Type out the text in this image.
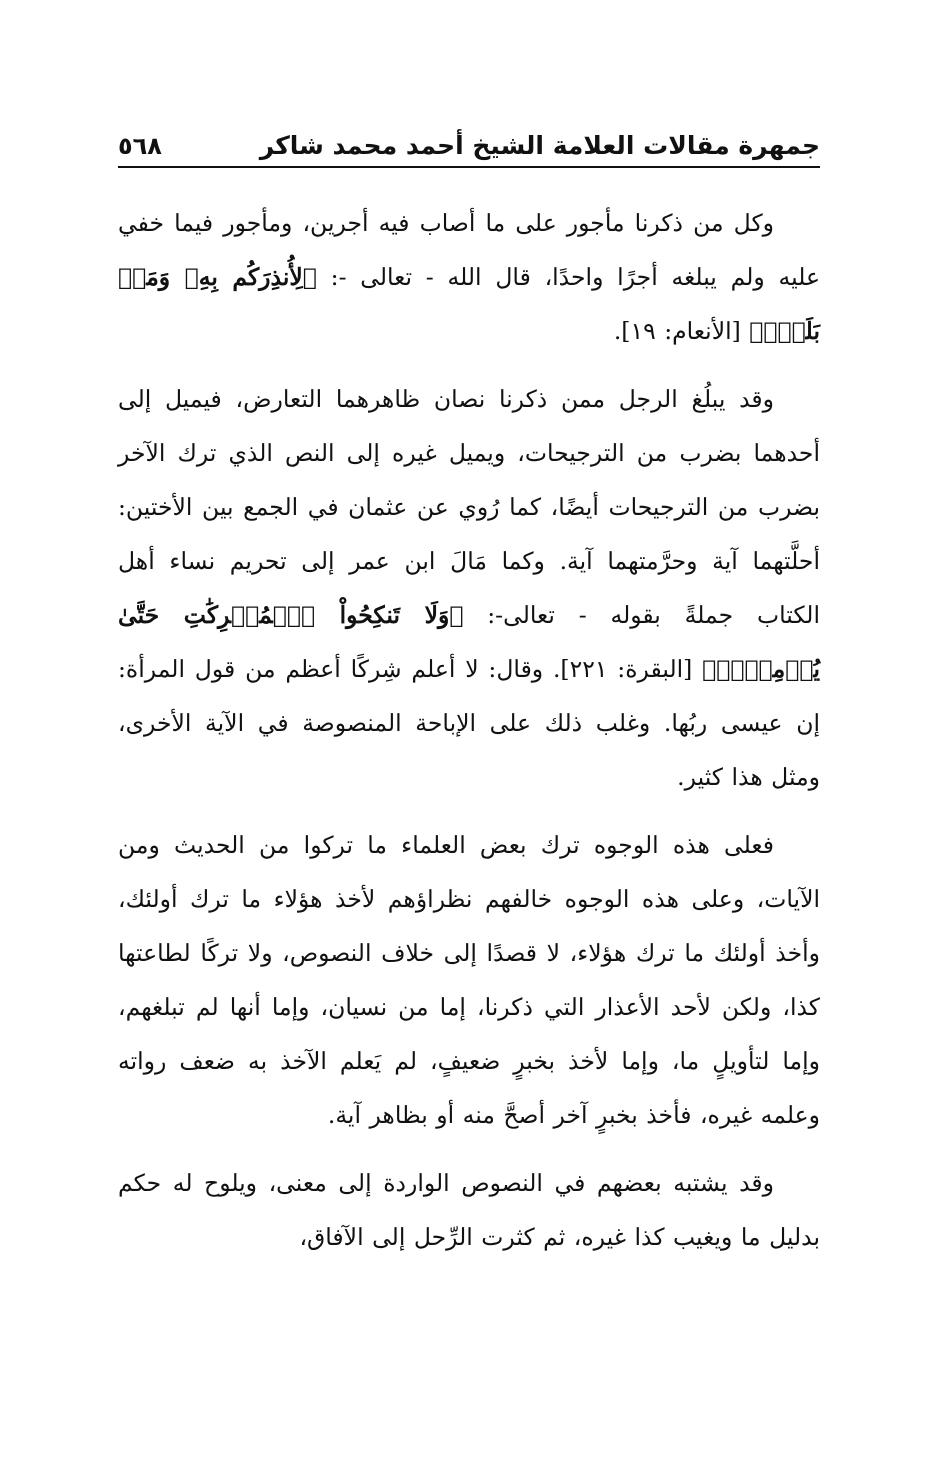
جمهرة مقالات العلامة الشيخ أحمد محمد شاكر
٥٦٨

وكل من ذكرنا مأجور على ما أصاب فيه أجرين، ومأجور فيما خفي عليه ولم يبلغه أجرًا واحدًا، قال الله - تعالى -: ﴿لِأُنذِرَكُم بِهِۦ وَمَنۢ بَلَغَۚ﴾ [الأنعام: ١٩].

وقد يبلُغ الرجل ممن ذكرنا نصان ظاهرهما التعارض، فيميل إلى أحدهما بضرب من الترجيحات، ويميل غيره إلى النص الذي ترك الآخر بضرب من الترجيحات أيضًا، كما رُوي عن عثمان في الجمع بين الأختين: أحلَّتهما آية وحرَّمتهما آية. وكما مَالَ ابن عمر إلى تحريم نساء أهل الكتاب جملةً بقوله - تعالى-: ﴿وَلَا تَنكِحُواْ ٱلۡمُشۡرِكَٰتِ حَتَّىٰ يُؤۡمِنَّۚ﴾ [البقرة: ٢٢١]. وقال: لا أعلم شِركًا أعظم من قول المرأة: إن عيسى ربُها. وغلب ذلك على الإباحة المنصوصة في الآية الأخرى، ومثل هذا كثير.

فعلى هذه الوجوه ترك بعض العلماء ما تركوا من الحديث ومن الآيات، وعلى هذه الوجوه خالفهم نظراؤهم لأخذ هؤلاء ما ترك أولئك، وأخذ أولئك ما ترك هؤلاء، لا قصدًا إلى خلاف النصوص، ولا تركًا لطاعتها كذا، ولكن لأحد الأعذار التي ذكرنا، إما من نسيان، وإما أنها لم تبلغهم، وإما لتأويلٍ ما، وإما لأخذ بخبرٍ ضعيفٍ، لم يَعلم الآخذ به ضعف رواته وعلمه غيره، فأخذ بخبرٍ آخر أصحَّ منه أو بظاهر آية.

وقد يشتبه بعضهم في النصوص الواردة إلى معنى، ويلوح له حكم بدليل ما ويغيب كذا غيره، ثم كثرت الرِّحل إلى الآفاق،
